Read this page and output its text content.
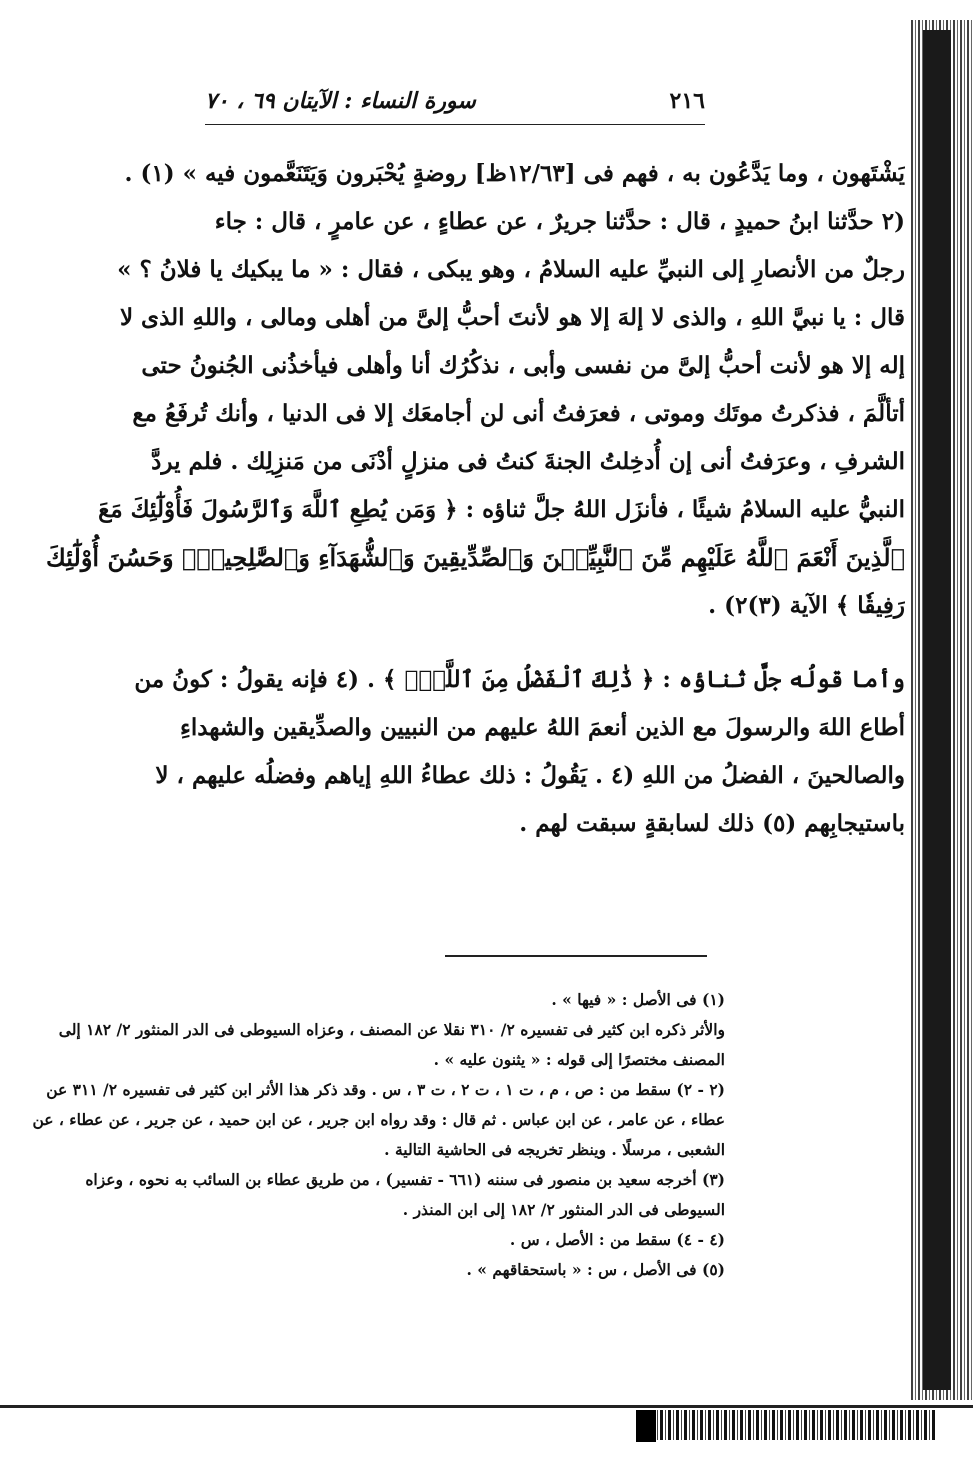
٢١٦
سورة النساء : الآيتان ٦٩ ، ٧٠
يَشْتَهون ، وما يَدَّعُون به ، فهم فى [١٢/٦٣ظ] روضةٍ يُحْبَرون وَيَتَنَعَّمون فيه » (١) .
(٢ حدَّثنا ابنُ حميدٍ ، قال : حدَّثنا جريرٌ ، عن عطاءٍ ، عن عامرٍ ، قال : جاء
رجلٌ من الأنصارِ إلى النبيِّ عليه السلامُ ، وهو يبكى ، فقال : « ما يبكيك يا فلانُ ؟ »
قال : يا نبيَّ اللهِ ، والذى لا إلهَ إلا هو لأنتَ أحبُّ إلىَّ من أهلى ومالى ، واللهِ الذى لا
إله إلا هو لأنت أحبُّ إلىَّ من نفسى وأبى ، نذكُرُك أنا وأهلى فيأخذُنى الجُنونُ حتى
أتألَّمَ ، فذكرتُ موتَك وموتى ، فعرَفتُ أنى لن أجامعَك إلا فى الدنيا ، وأنك تُرفَعُ مع
الشرفِ ، وعرَفتُ أنى إن أُدخِلتُ الجنةَ كنتُ فى منزلٍ أدْنَى من مَنزِلِك . فلم يردَّ
النبيُّ عليه السلامُ شيئًا ، فأنزَل اللهُ جلَّ ثناؤه : ﴿ وَمَن يُطِعِ ٱللَّهَ وَٱلرَّسُولَ فَأُوْلَٰٓئِكَ مَعَ
ٱلَّذِينَ أَنْعَمَ ٱللَّهُ عَلَيْهِم مِّنَ ٱلنَّبِيِّـۧنَ وَٱلصِّدِّيقِينَ وَٱلشُّهَدَآءِ وَٱلصَّٰلِحِينَۚ وَحَسُنَ أُوْلَٰٓئِكَ
رَفِيقٗا ﴾ الآية (٣)٢) .
وأما قولُه جلَّ ثناؤه : ﴿ ذَٰلِكَ ٱلْفَضْلُ مِنَ ٱللَّهِۚ ﴾ . (٤ فإنه يقولُ : كونُ من
أطاع اللهَ والرسولَ مع الذين أنعمَ اللهُ عليهم من النبيين والصدِّيقين والشهداءِ
والصالحينَ ، الفضلُ من اللهِ (٤ . يَقُولُ : ذلك عطاءُ اللهِ إياهم وفضلُه عليهم ، لا
باستيجابِهم (٥) ذلك لسابقةٍ سبقت لهم .
(١) فى الأصل : « فيها » .
والأثر ذكره ابن كثير فى تفسيره ٢/ ٣١٠ نقلا عن المصنف ، وعزاه السيوطى فى الدر المنثور ٢/ ١٨٢ إلى
المصنف مختصرًا إلى قوله : « يثنون عليه » .
(٢ - ٢) سقط من : ص ، م ، ت ١ ، ت ٢ ، ت ٣ ، س . وقد ذكر هذا الأثر ابن كثير فى تفسيره ٢/ ٣١١ عن
عطاء ، عن عامر ، عن ابن عباس . ثم قال : وقد رواه ابن جرير ، عن ابن حميد ، عن جرير ، عن عطاء ، عن
الشعبى ، مرسلًا . وينظر تخريجه فى الحاشية التالية .
(٣) أخرجه سعيد بن منصور فى سننه (٦٦١ - تفسير) ، من طريق عطاء بن السائب به نحوه ، وعزاه
السيوطى فى الدر المنثور ٢/ ١٨٢ إلى ابن المنذر .
(٤ - ٤) سقط من : الأصل ، س .
(٥) فى الأصل ، س : « باستحقاقهم » .
